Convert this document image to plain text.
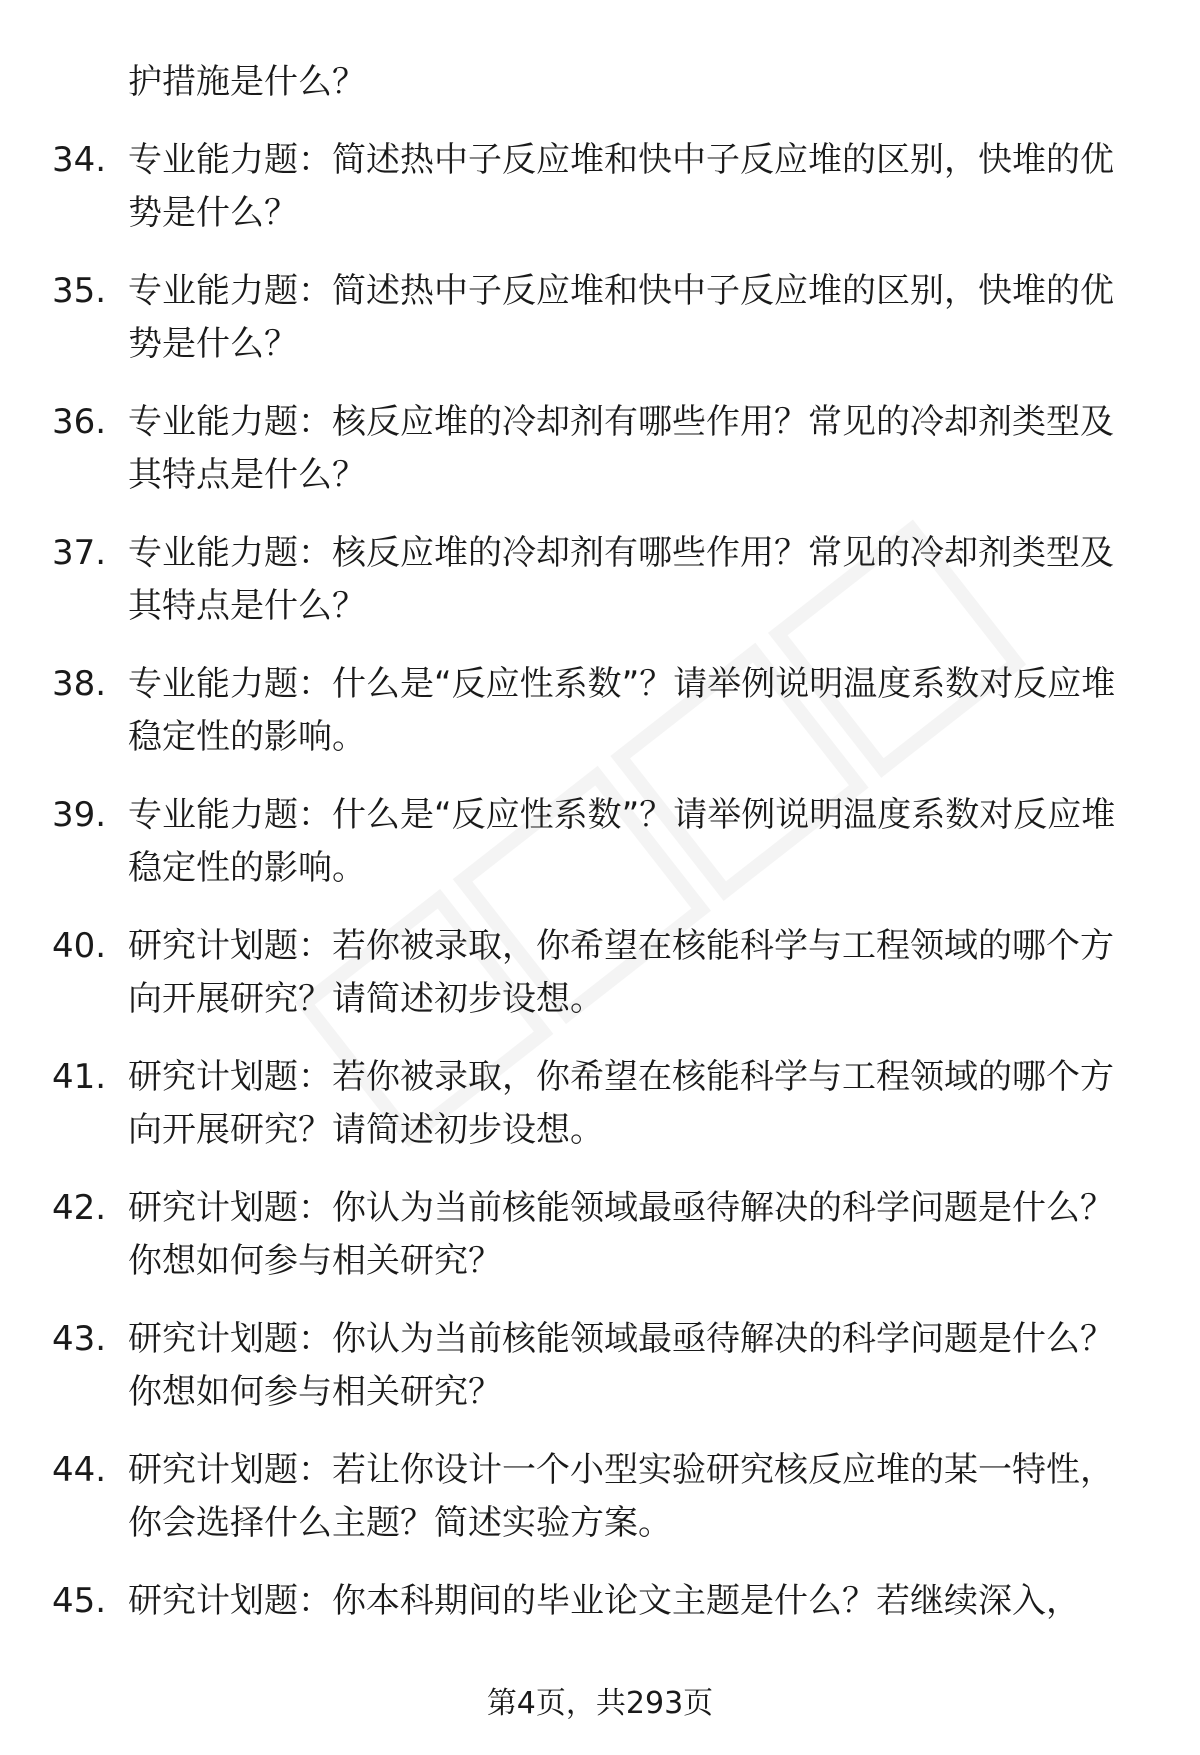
护措施是什么？
34. 专业能力题：简述热中子反应堆和快中子反应堆的区别，快堆的优势是什么？
35. 专业能力题：简述热中子反应堆和快中子反应堆的区别，快堆的优势是什么？
36. 专业能力题：核反应堆的冷却剂有哪些作用？常见的冷却剂类型及其特点是什么？
37. 专业能力题：核反应堆的冷却剂有哪些作用？常见的冷却剂类型及其特点是什么？
38. 专业能力题：什么是“反应性系数”？请举例说明温度系数对反应堆稳定性的影响。
39. 专业能力题：什么是“反应性系数”？请举例说明温度系数对反应堆稳定性的影响。
40. 研究计划题：若你被录取，你希望在核能科学与工程领域的哪个方向开展研究？请简述初步设想。
41. 研究计划题：若你被录取，你希望在核能科学与工程领域的哪个方向开展研究？请简述初步设想。
42. 研究计划题：你认为当前核能领域最亟待解决的科学问题是什么？你想如何参与相关研究？
43. 研究计划题：你认为当前核能领域最亟待解决的科学问题是什么？你想如何参与相关研究？
44. 研究计划题：若让你设计一个小型实验研究核反应堆的某一特性，你会选择什么主题？简述实验方案。
45. 研究计划题：你本科期间的毕业论文主题是什么？若继续深入，
第4页，共293页
